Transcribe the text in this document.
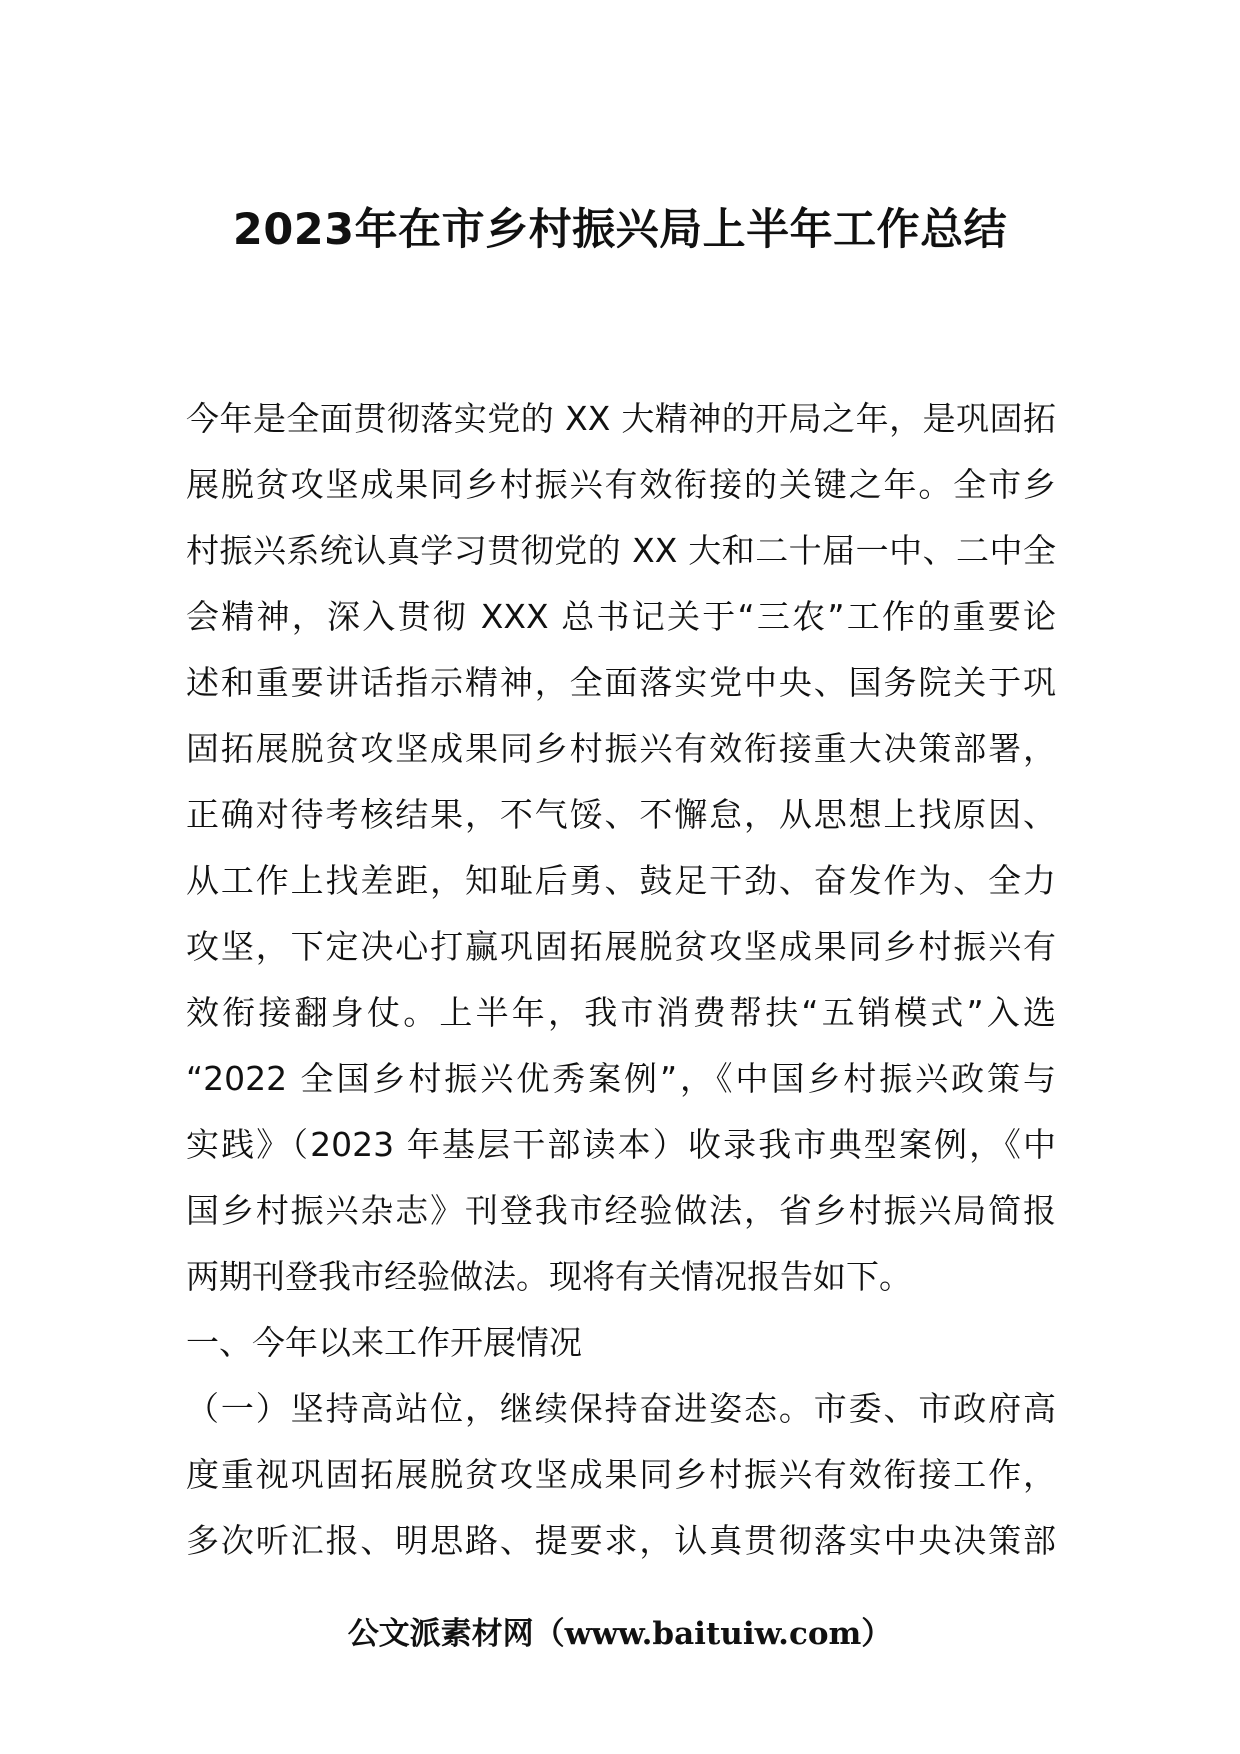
2023年在市乡村振兴局上半年工作总结
今年是全面贯彻落实党的 XX 大精神的开局之年，是巩固拓
展脱贫攻坚成果同乡村振兴有效衔接的关键之年。全市乡
村振兴系统认真学习贯彻党的 XX 大和二十届一中、二中全
会精神，深入贯彻 XXX 总书记关于“三农”工作的重要论
述和重要讲话指示精神，全面落实党中央、国务院关于巩
固拓展脱贫攻坚成果同乡村振兴有效衔接重大决策部署，
正确对待考核结果，不气馁、不懈怠，从思想上找原因、
从工作上找差距，知耻后勇、鼓足干劲、奋发作为、全力
攻坚，下定决心打赢巩固拓展脱贫攻坚成果同乡村振兴有
效衔接翻身仗。上半年，我市消费帮扶“五销模式”入选
“2022 全国乡村振兴优秀案例”，《中国乡村振兴政策与
实践》（2023 年基层干部读本）收录我市典型案例，《中
国乡村振兴杂志》刊登我市经验做法，省乡村振兴局简报
两期刊登我市经验做法。现将有关情况报告如下。
一、今年以来工作开展情况
（一）坚持高站位，继续保持奋进姿态。市委、市政府高
度重视巩固拓展脱贫攻坚成果同乡村振兴有效衔接工作，
多次听汇报、明思路、提要求，认真贯彻落实中央决策部
公文派素材网（www.baituiw.com）
